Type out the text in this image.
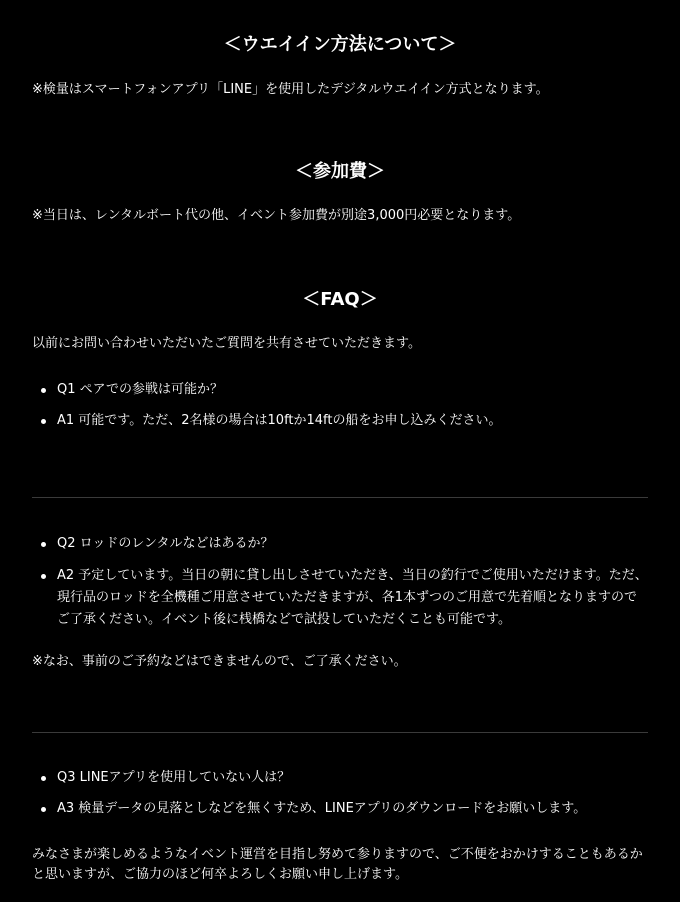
＜ウエイイン方法について＞

※検量はスマートフォンアプリ「LINE」を使用したデジタルウエイイン方式となります。

＜参加費＞

※当日は、レンタルボート代の他、イベント参加費が別途3,000円必要となります。

＜FAQ＞

以前にお問い合わせいただいたご質問を共有させていただきます。

Q1 ペアでの参戦は可能か？
A1 可能です。ただ、2名様の場合は10ftか14ftの船をお申し込みください。
Q2 ロッドのレンタルなどはあるか？
A2 予定しています。当日の朝に貸し出しさせていただき、当日の釣行でご使用いただけます。ただ、現行品のロッドを全機種ご用意させていただきますが、各1本ずつのご用意で先着順となりますのでご了承ください。イベント後に桟橋などで試投していただくことも可能です。

※なお、事前のご予約などはできませんので、ご了承ください。

Q3 LINEアプリを使用していない人は？
A3 検量データの見落としなどを無くすため、LINEアプリのダウンロードをお願いします。

みなさまが楽しめるようなイベント運営を目指し努めて参りますので、ご不便をおかけすることもあるかと思いますが、ご協力のほど何卒よろしくお願い申し上げます。
